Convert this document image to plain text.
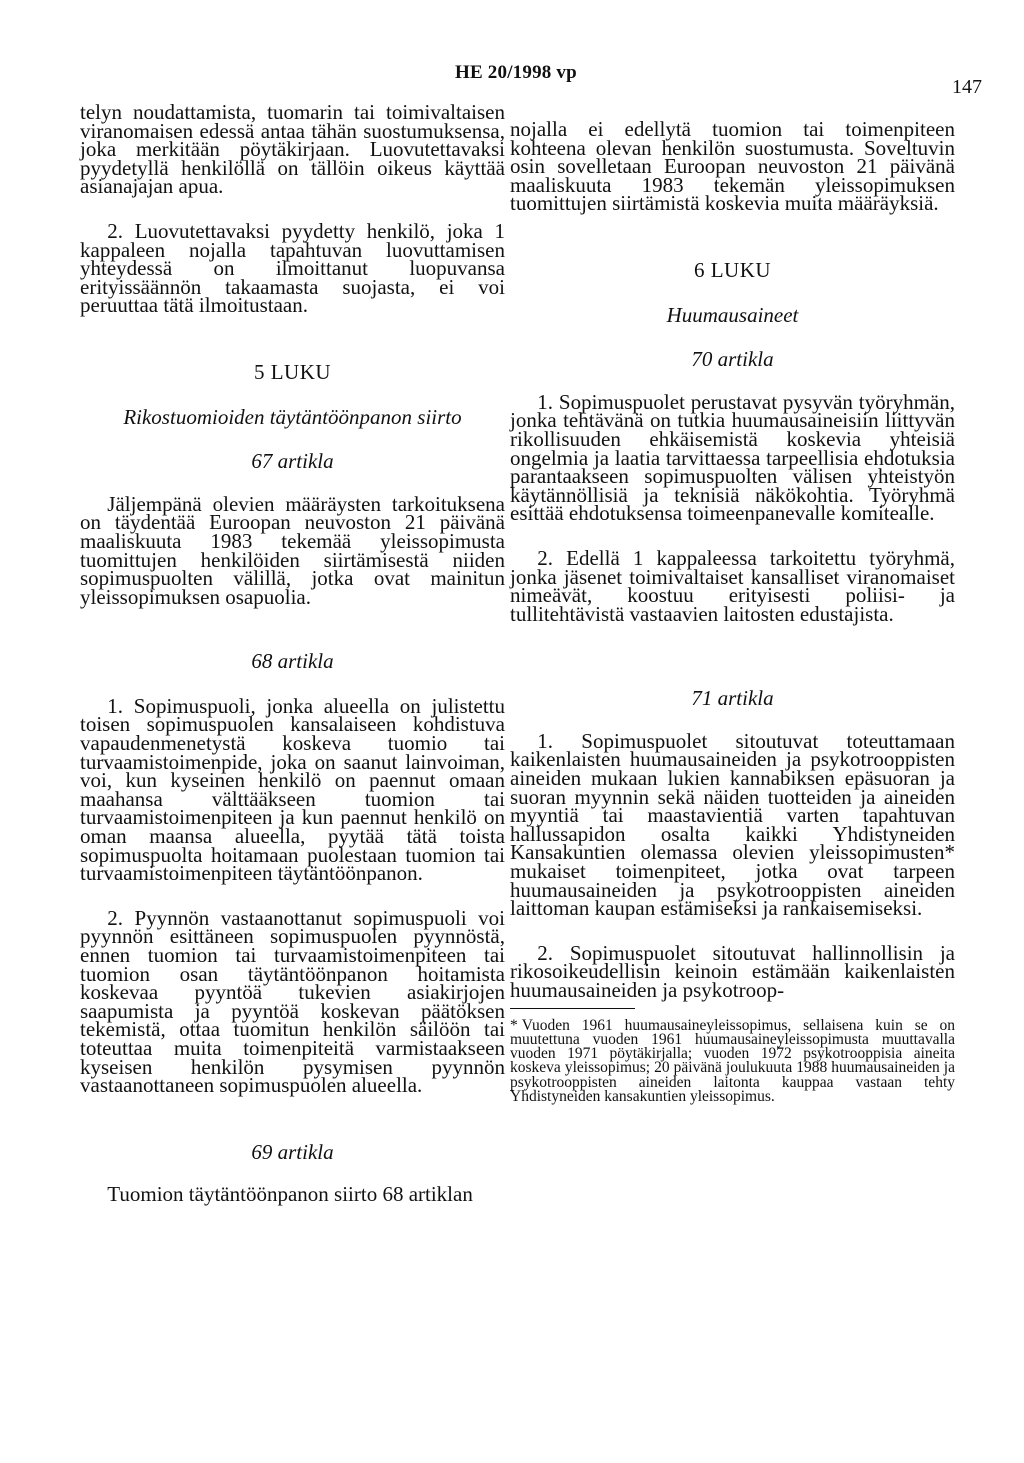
HE 20/1998 vp
147

telyn noudattamista, tuomarin tai toimivaltaisen viranomaisen edessä antaa tähän suostumuksensa, joka merkitään pöytäkirjaan. Luovutettavaksi pyydetyllä henkilöllä on tällöin oikeus käyttää asianajajan apua.

2. Luovutettavaksi pyydetty henkilö, joka 1 kappaleen nojalla tapahtuvan luovuttamisen yhteydessä on ilmoittanut luopuvansa erityissäännön takaamasta suojasta, ei voi peruuttaa tätä ilmoitustaan.

5 LUKU

Rikostuomioiden täytäntöönpanon siirto

67 artikla

Jäljempänä olevien määräysten tarkoituksena on täydentää Euroopan neuvoston 21 päivänä maaliskuuta 1983 tekemää yleissopimusta tuomittujen henkilöiden siirtämisestä niiden sopimuspuolten välillä, jotka ovat mainitun yleissopimuksen osapuolia.

68 artikla

1. Sopimuspuoli, jonka alueella on julistettu toisen sopimuspuolen kansalaiseen kohdistuva vapaudenmenetystä koskeva tuomio tai turvaamistoimenpide, joka on saanut lainvoiman, voi, kun kyseinen henkilö on paennut omaan maahansa välttääkseen tuomion tai turvaamistoimenpiteen ja kun paennut henkilö on oman maansa alueella, pyytää tätä toista sopimuspuolta hoitamaan puolestaan tuomion tai turvaamistoimenpiteen täytäntöönpanon.

2. Pyynnön vastaanottanut sopimuspuoli voi pyynnön esittäneen sopimuspuolen pyynnöstä, ennen tuomion tai turvaamistoimenpiteen tai tuomion osan täytäntöönpanon hoitamista koskevaa pyyntöä tukevien asiakirjojen saapumista ja pyyntöä koskevan päätöksen tekemistä, ottaa tuomitun henkilön säilöön tai toteuttaa muita toimenpiteitä varmistaakseen kyseisen henkilön pysymisen pyynnön vastaanottaneen sopimuspuolen alueella.

69 artikla

Tuomion täytäntöönpanon siirto 68 artiklan

nojalla ei edellytä tuomion tai toimenpiteen kohteena olevan henkilön suostumusta. Soveltuvin osin sovelletaan Euroopan neuvoston 21 päivänä maaliskuuta 1983 tekemän yleissopimuksen tuomittujen siirtämistä koskevia muita määräyksiä.

6 LUKU

Huumausaineet

70 artikla

1. Sopimuspuolet perustavat pysyvän työryhmän, jonka tehtävänä on tutkia huumausaineisiin liittyvän rikollisuuden ehkäisemistä koskevia yhteisiä ongelmia ja laatia tarvittaessa tarpeellisia ehdotuksia parantaakseen sopimuspuolten välisen yhteistyön käytännöllisiä ja teknisiä näkökohtia. Työryhmä esittää ehdotuksensa toimeenpanevalle komitealle.

2. Edellä 1 kappaleessa tarkoitettu työryhmä, jonka jäsenet toimivaltaiset kansalliset viranomaiset nimeävät, koostuu erityisesti poliisi- ja tullitehtävistä vastaavien laitosten edustajista.

71 artikla

1. Sopimuspuolet sitoutuvat toteuttamaan kaikenlaisten huumausaineiden ja psykotrooppisten aineiden mukaan lukien kannabiksen epäsuoran ja suoran myynnin sekä näiden tuotteiden ja aineiden myyntiä tai maastavientiä varten tapahtuvan hallussapidon osalta kaikki Yhdistyneiden Kansakuntien olemassa olevien yleissopimusten* mukaiset toimenpiteet, jotka ovat tarpeen huumausaineiden ja psykotrooppisten aineiden laittoman kaupan estämiseksi ja rankaisemiseksi.

2. Sopimuspuolet sitoutuvat hallinnollisin ja rikosoikeudellisin keinoin estämään kaikenlaisten huumausaineiden ja psykotroop-

* Vuoden 1961 huumausaineyleissopimus, sellaisena kuin se on muutettuna vuoden 1961 huumausaineyleissopimusta muuttavalla vuoden 1971 pöytäkirjalla; vuoden 1972 psykotrooppisia aineita koskeva yleissopimus; 20 päivänä joulukuuta 1988 huumausaineiden ja psykotrooppisten aineiden laitonta kauppaa vastaan tehty Yhdistyneiden kansakuntien yleissopimus.
